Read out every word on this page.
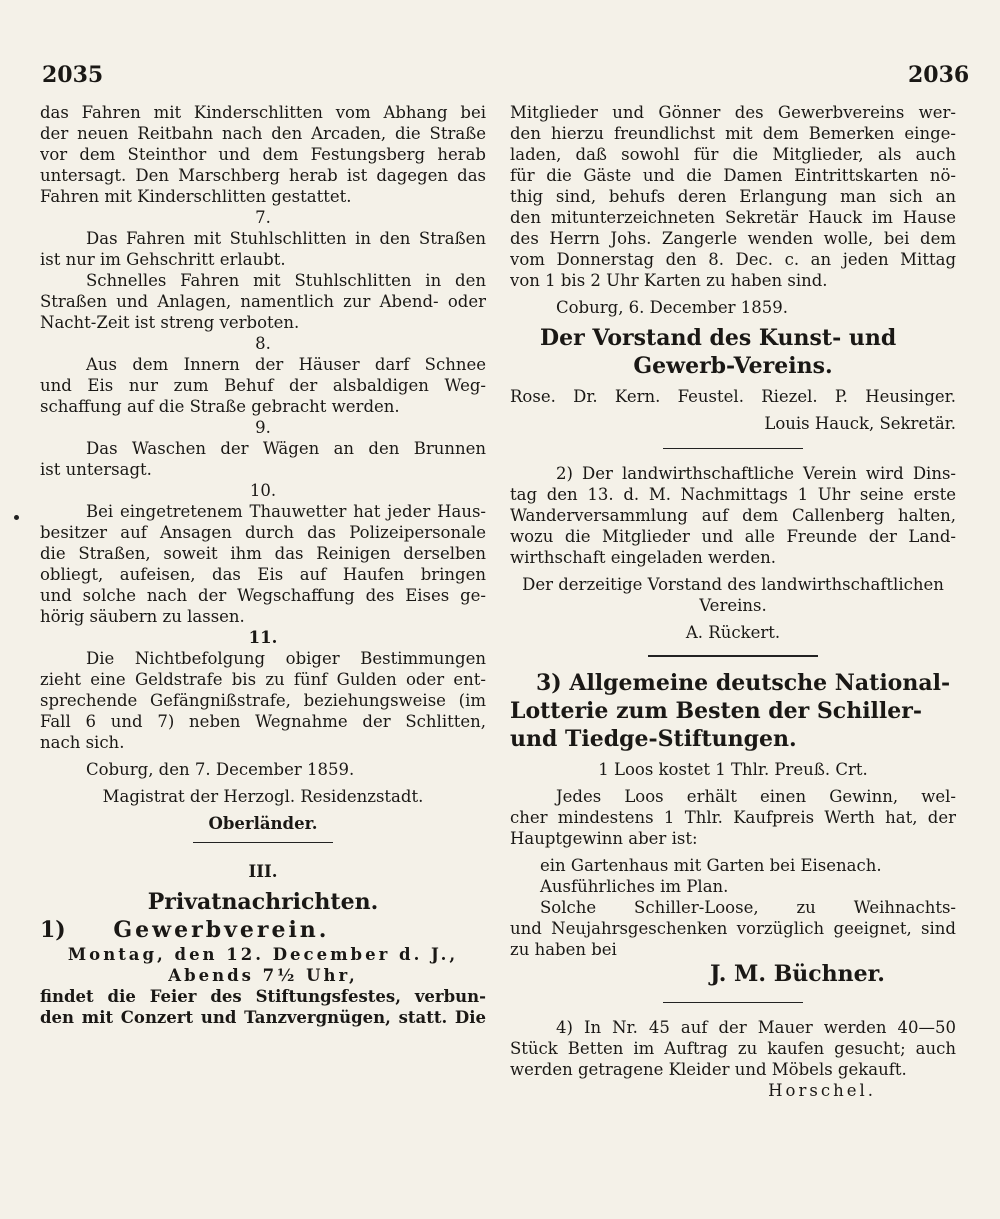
2035	2036

das Fahren mit Kinderschlitten vom Abhang bei

der neuen Reitbahn nach den Arcaden, die Straße

vor dem Steinthor und dem Festungsberg herab

untersagt. Den Marschberg herab ist dagegen das

Fahren mit Kinderschlitten gestattet.

7.

Das Fahren mit Stuhlschlitten in den Straßen

ist nur im Gehschritt erlaubt.

Schnelles Fahren mit Stuhlschlitten in den

Straßen und Anlagen, namentlich zur Abend- oder

Nacht-Zeit ist streng verboten.

8.

Aus dem Innern der Häuser darf Schnee

und Eis nur zum Behuf der alsbaldigen Weg-

schaffung auf die Straße gebracht werden.

9.

Das Waschen der Wägen an den Brunnen

ist untersagt.

10.

Bei eingetretenem Thauwetter hat jeder Haus-

besitzer auf Ansagen durch das Polizeipersonale

die Straßen, soweit ihm das Reinigen derselben

obliegt, aufeisen, das Eis auf Haufen bringen

und solche nach der Wegschaffung des Eises ge-

hörig säubern zu lassen.

11.

Die Nichtbefolgung obiger Bestimmungen

zieht eine Geldstrafe bis zu fünf Gulden oder ent-

sprechende Gefängnißstrafe, beziehungsweise (im

Fall 6 und 7) neben Wegnahme der Schlitten,

nach sich.

Coburg, den 7. December 1859.

Magistrat der Herzogl. Residenzstadt.

Oberländer.

III.

Privatnachrichten.

1) Gewerbverein.

Montag, den 12. December d. J.,

Abends 7½ Uhr,

findet die Feier des Stiftungsfestes, verbun-

den mit Conzert und Tanzvergnügen, statt. Die

Mitglieder und Gönner des Gewerbvereins wer-

den hierzu freundlichst mit dem Bemerken einge-

laden, daß sowohl für die Mitglieder, als auch

für die Gäste und die Damen Eintrittskarten nö-

thig sind, behufs deren Erlangung man sich an

den mitunterzeichneten Sekretär Hauck im Hause

des Herrn Johs. Zangerle wenden wolle, bei dem

vom Donnerstag den 8. Dec. c. an jeden Mittag

von 1 bis 2 Uhr Karten zu haben sind.

Coburg, 6. December 1859.

Der Vorstand des Kunst- und

Gewerb-Vereins.

Rose. Dr. Kern. Feustel. Riezel. P. Heusinger.

Louis Hauck, Sekretär.

2) Der landwirthschaftliche Verein wird Dins-

tag den 13. d. M. Nachmittags 1 Uhr seine erste

Wanderversammlung auf dem Callenberg halten,

wozu die Mitglieder und alle Freunde der Land-

wirthschaft eingeladen werden.

Der derzeitige Vorstand des landwirthschaftlichen

Vereins.

A. Rückert.

3) Allgemeine deutsche National-

Lotterie zum Besten der Schiller-

und Tiedge-Stiftungen.

1 Loos kostet 1 Thlr. Preuß. Crt.

Jedes Loos erhält einen Gewinn, wel-

cher mindestens 1 Thlr. Kaufpreis Werth hat, der

Hauptgewinn aber ist:

ein Gartenhaus mit Garten bei Eisenach.

Ausführliches im Plan.

Solche Schiller-Loose, zu Weihnachts-

und Neujahrsgeschenken vorzüglich geeignet, sind

zu haben bei

J. M. Büchner.

4) In Nr. 45 auf der Mauer werden 40—50

Stück Betten im Auftrag zu kaufen gesucht; auch

werden getragene Kleider und Möbels gekauft.

Horschel.
